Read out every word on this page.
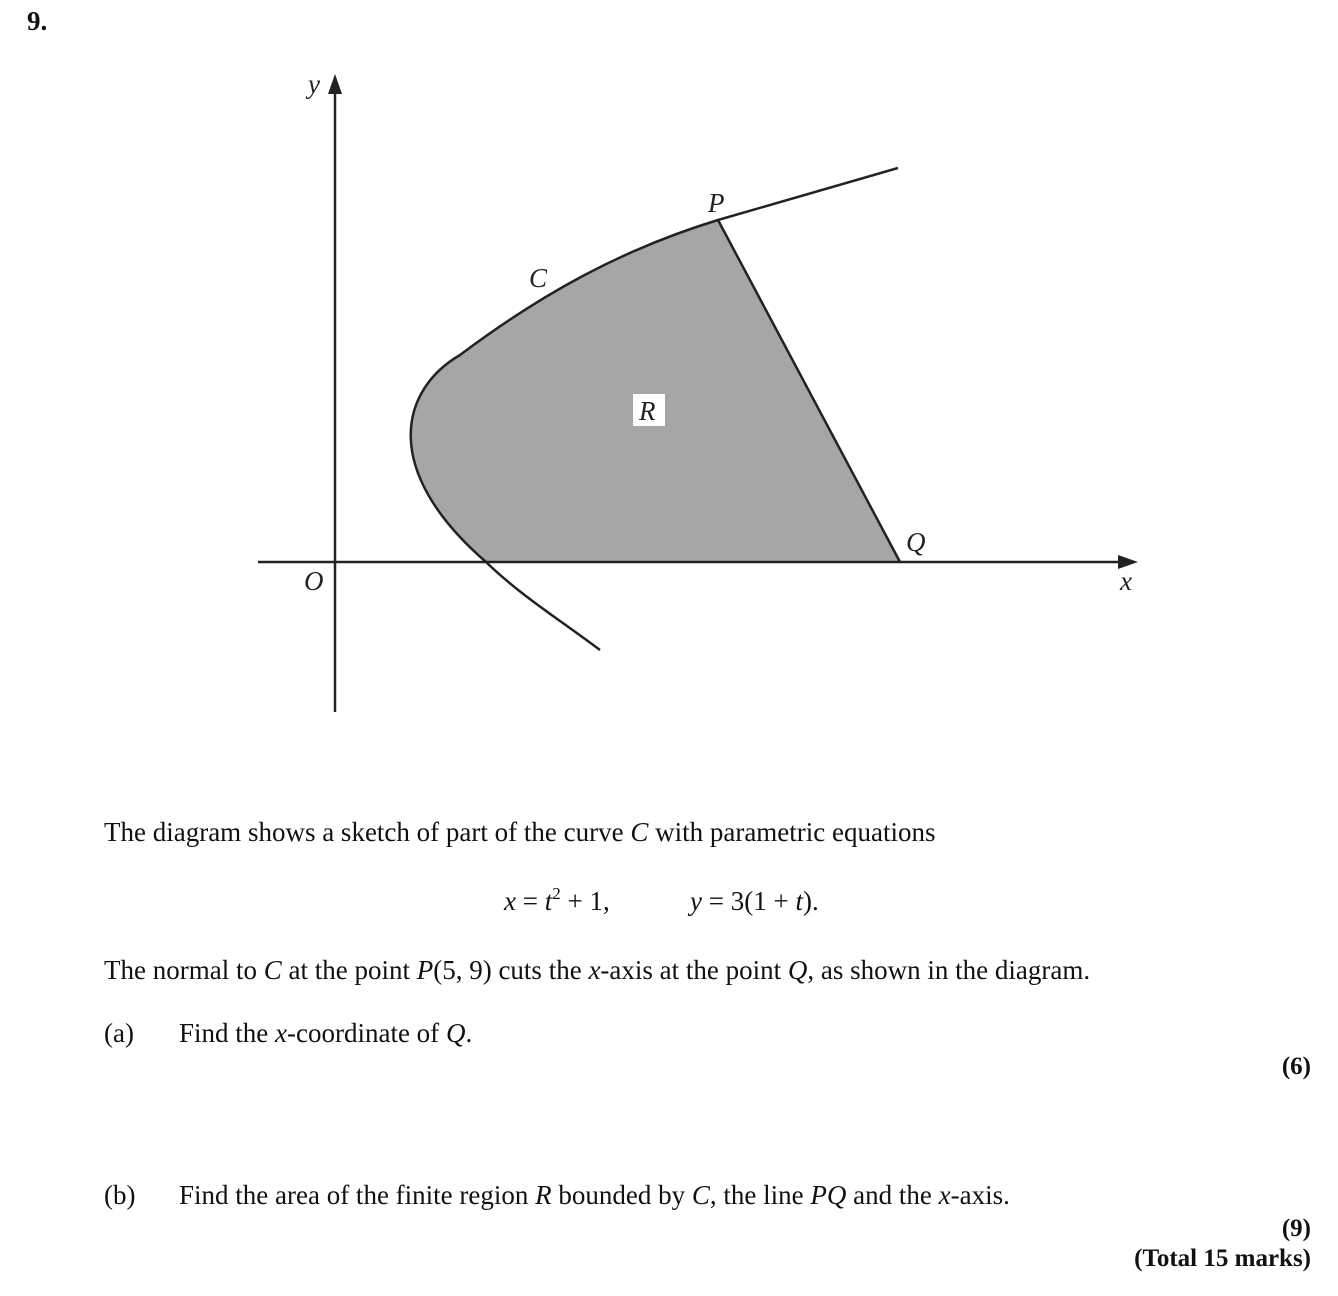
9.
y
x
O
C
P
Q
R
The diagram shows a sketch of part of the curve C with parametric equations
$x = t^2 + 1$,	y = 3(1 + t).
The normal to C at the point P(5, 9) cuts the x-axis at the point Q, as shown in the diagram.
(a) Find the x-coordinate of Q.
(6)
(b) Find the area of the finite region R bounded by C, the line PQ and the x-axis.
(9)
(Total 15 marks)
